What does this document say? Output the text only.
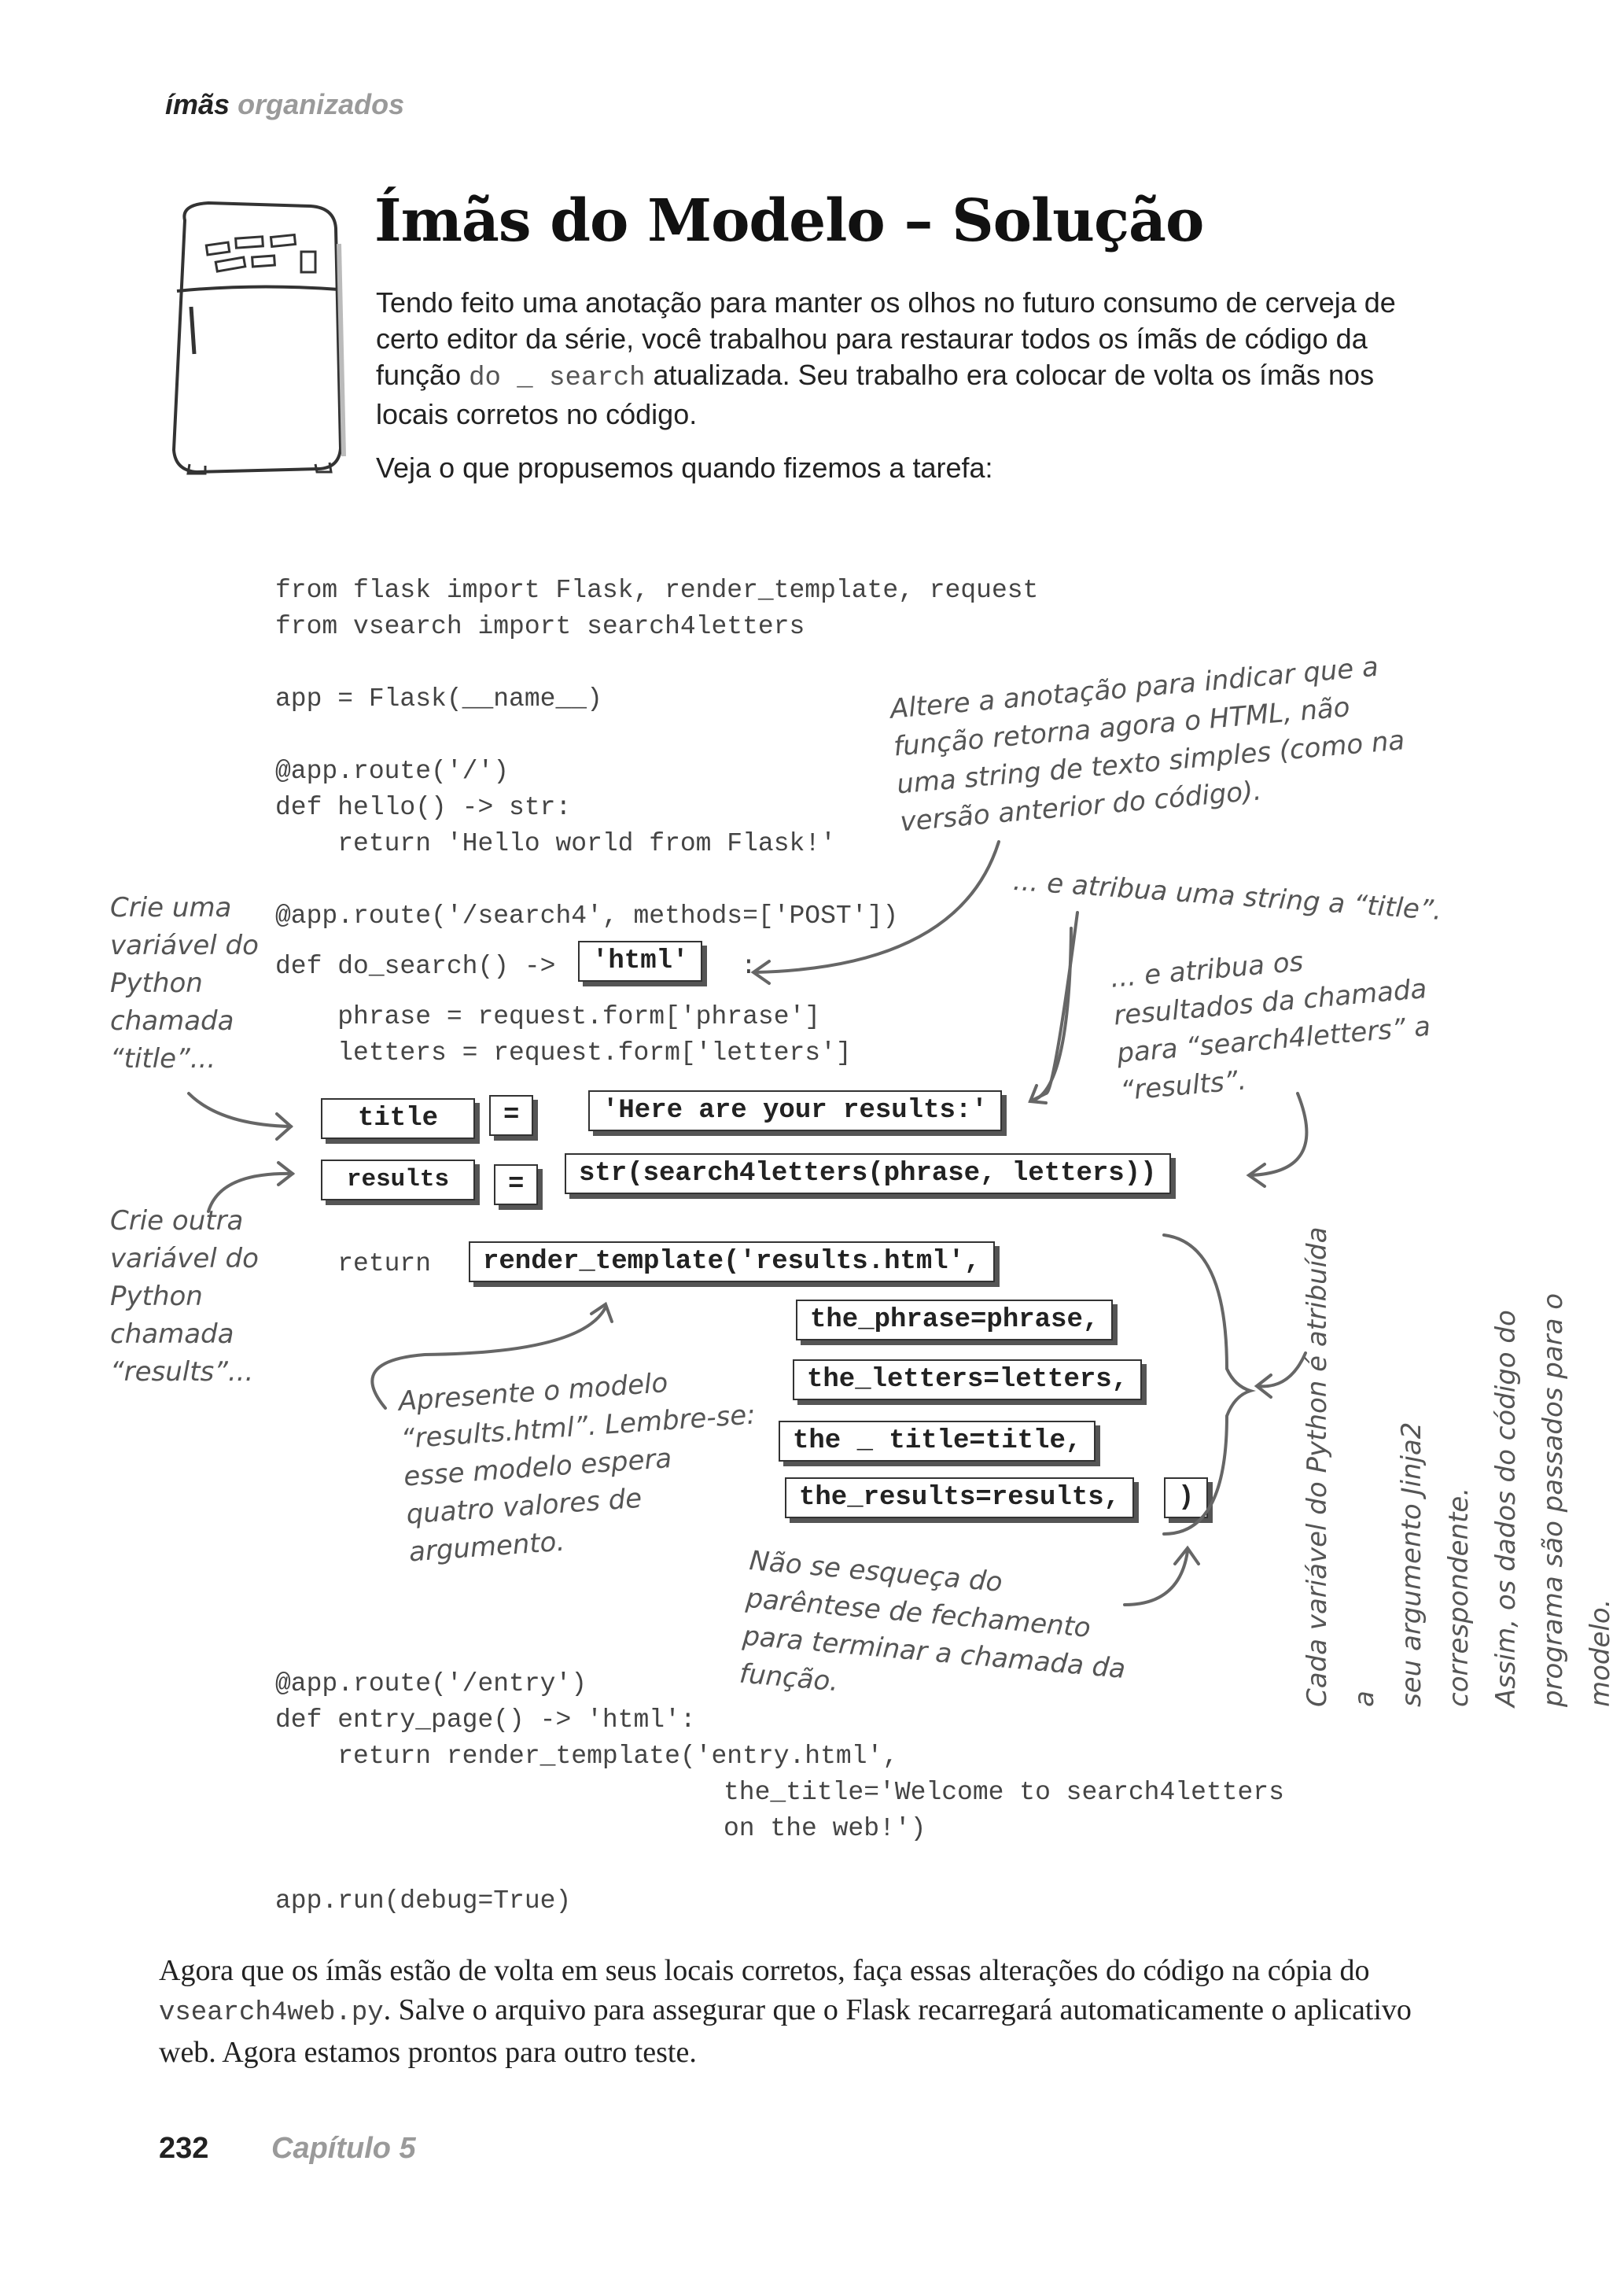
ímãs organizados
Ímãs do Modelo – Solução
Tendo feito uma anotação para manter os olhos no futuro consumo de cerveja de certo editor da série, você trabalhou para restaurar todos os ímãs de código da função do _ search atualizada. Seu trabalho era colocar de volta os ímãs nos locais corretos no código.
Veja o que propusemos quando fizemos a tarefa:
from flask import Flask, render_template, request
from vsearch import search4letters
app = Flask(__name__)
@app.route('/')
def hello() -> str:
return 'Hello world from Flask!'
@app.route('/search4', methods=['POST'])
def do_search() ->	:
phrase = request.form['phrase']
letters = request.form['letters']
return
@app.route('/entry')
def entry_page() -> 'html':
return render_template('entry.html',
the_title='Welcome to search4letters
on the web!')
app.run(debug=True)
'html'
title	=	'Here are your results:'
results	=	str(search4letters(phrase, letters))
render_template('results.html',
the_phrase=phrase,
the_letters=letters,
the _ title=title,
the_results=results,	)
Altere a anotação para indicar que a função retorna agora o HTML, não uma string de texto simples (como na versão anterior do código).
... e atribua uma string a “title”.
... e atribua os resultados da chamada para “search4letters” a “results”.
Crie uma variável do Python chamada “title”...
Crie outra variável do Python chamada “results”...	Apresente o modelo “results.html”. Lembre-se: esse modelo espera quatro valores de argumento.	Não se esqueça do parêntese de fechamento para terminar a chamada da função.	Cada variável do Python é atribuída a seu argumento Jinja2 correspondente. Assim, os dados do código do programa são passados para o modelo.
Agora que os ímãs estão de volta em seus locais corretos, faça essas alterações do código na cópia do vsearch4web.py. Salve o arquivo para assegurar que o Flask recarregará automaticamente o aplicativo web. Agora estamos prontos para outro teste.
232 Capítulo 5
